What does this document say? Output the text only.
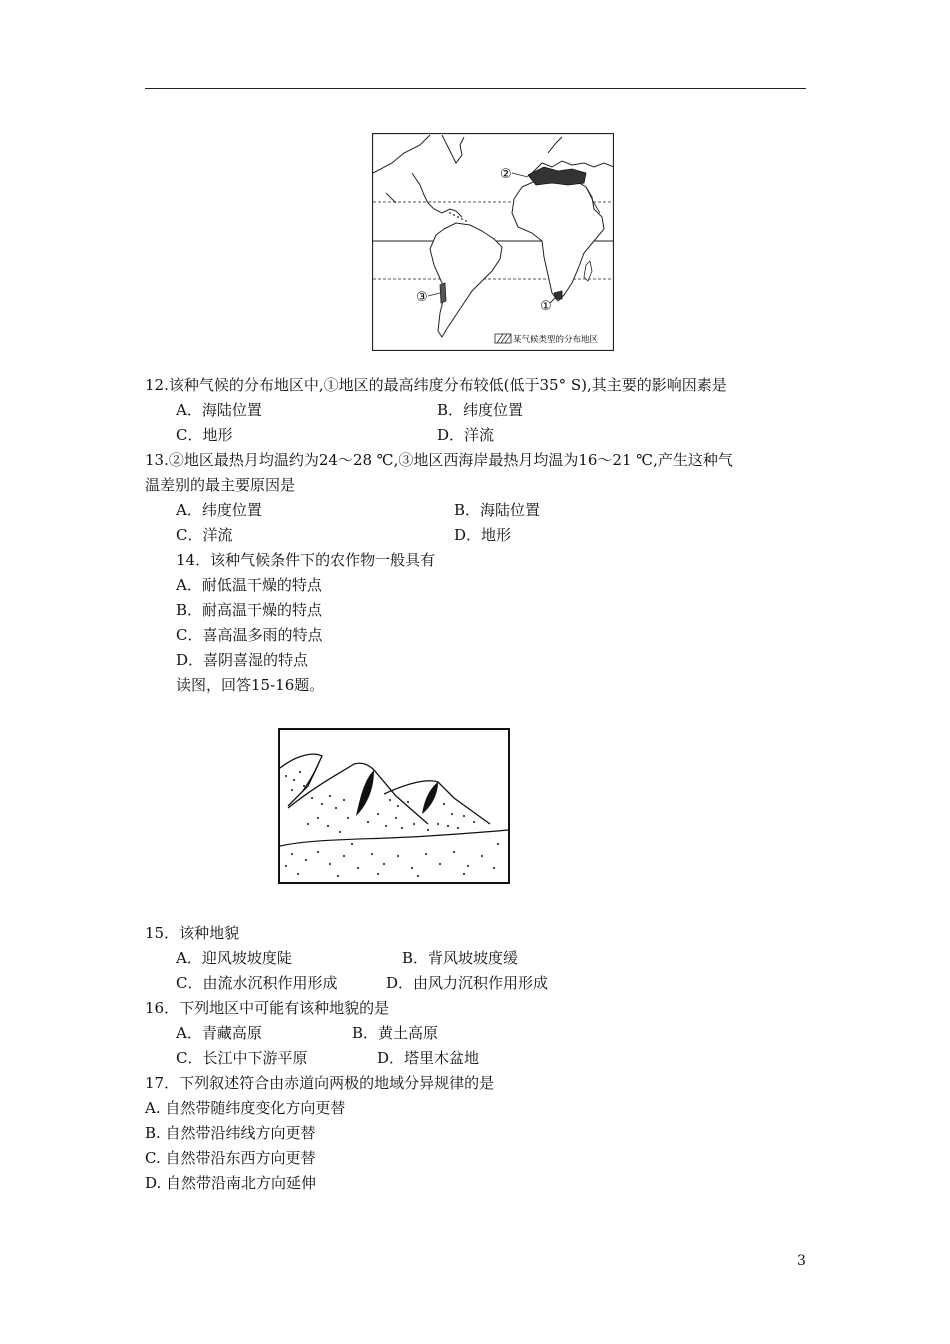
②
③
①
某气候类型的分布地区
12.该种气候的分布地区中,①地区的最高纬度分布较低(低于35° S),其主要的影响因素是
A．海陆位置	B．纬度位置
C．地形	D．洋流
13.②地区最热月均温约为24～28 ℃,③地区西海岸最热月均温为16～21 ℃,产生这种气
温差别的最主要原因是
A．纬度位置	B．海陆位置
C．洋流	D．地形
14．该种气候条件下的农作物一般具有
A．耐低温干燥的特点
B．耐高温干燥的特点
C．喜高温多雨的特点
D．喜阴喜湿的特点
读图，回答15-16题。
15．该种地貌
A．迎风坡坡度陡	B．背风坡坡度缓
C．由流水沉积作用形成	D．由风力沉积作用形成
16．下列地区中可能有该种地貌的是
A．青藏高原	B．黄土高原
C．长江中下游平原	D．塔里木盆地
17．下列叙述符合由赤道向两极的地域分异规律的是
A. 自然带随纬度变化方向更替
B. 自然带沿纬线方向更替
C. 自然带沿东西方向更替
D. 自然带沿南北方向延伸
3
